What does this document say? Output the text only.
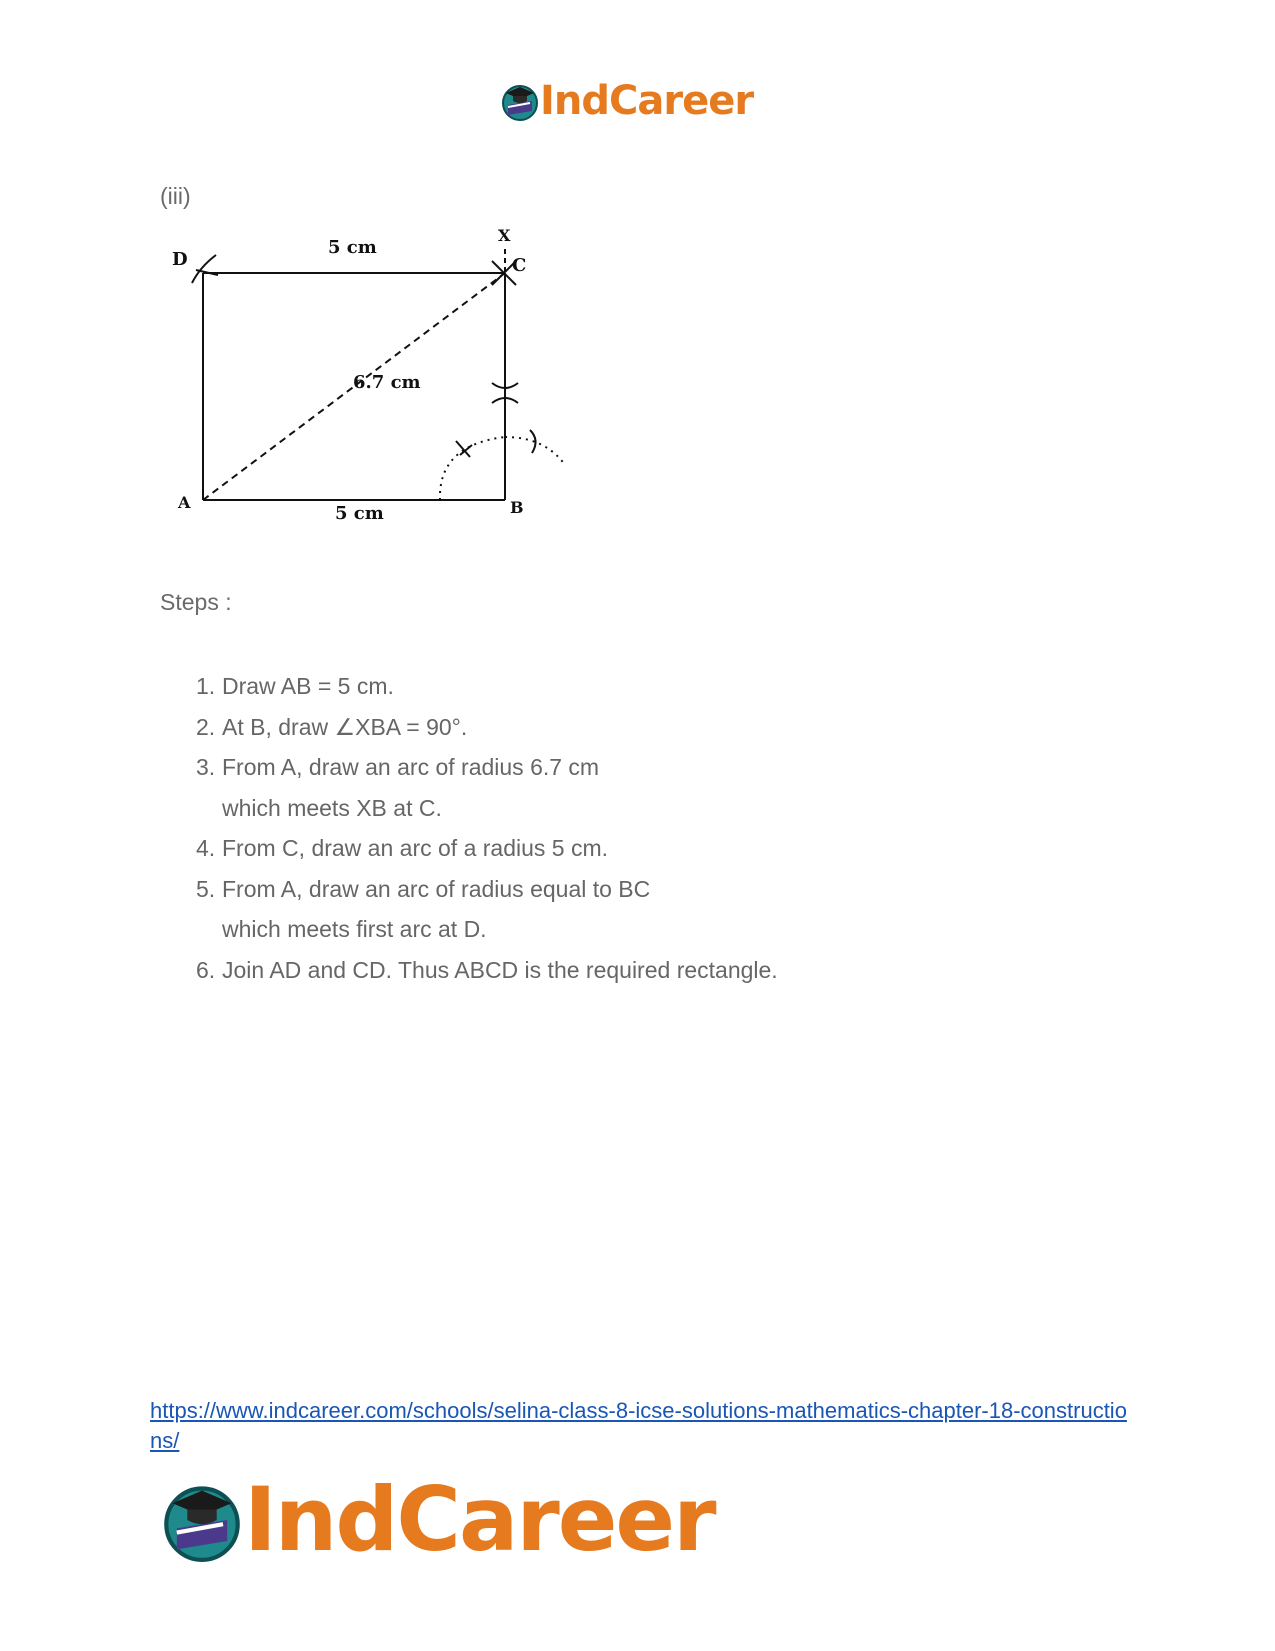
IndCareer
(iii)
D	C
X
A	B
5 cm
5 cm
6.7 cm
Steps :
1. Draw AB = 5 cm.
2. At B, draw ∠XBA = 90°.
3. From A, draw an arc of radius 6.7 cm
which meets XB at C.
4. From C, draw an arc of a radius 5 cm.
5. From A, draw an arc of radius equal to BC
which meets first arc at D.
6. Join AD and CD. Thus ABCD is the required rectangle.
https://www.indcareer.com/schools/selina-class-8-icse-solutions-mathematics-chapter-18-constructions/
IndCareer
